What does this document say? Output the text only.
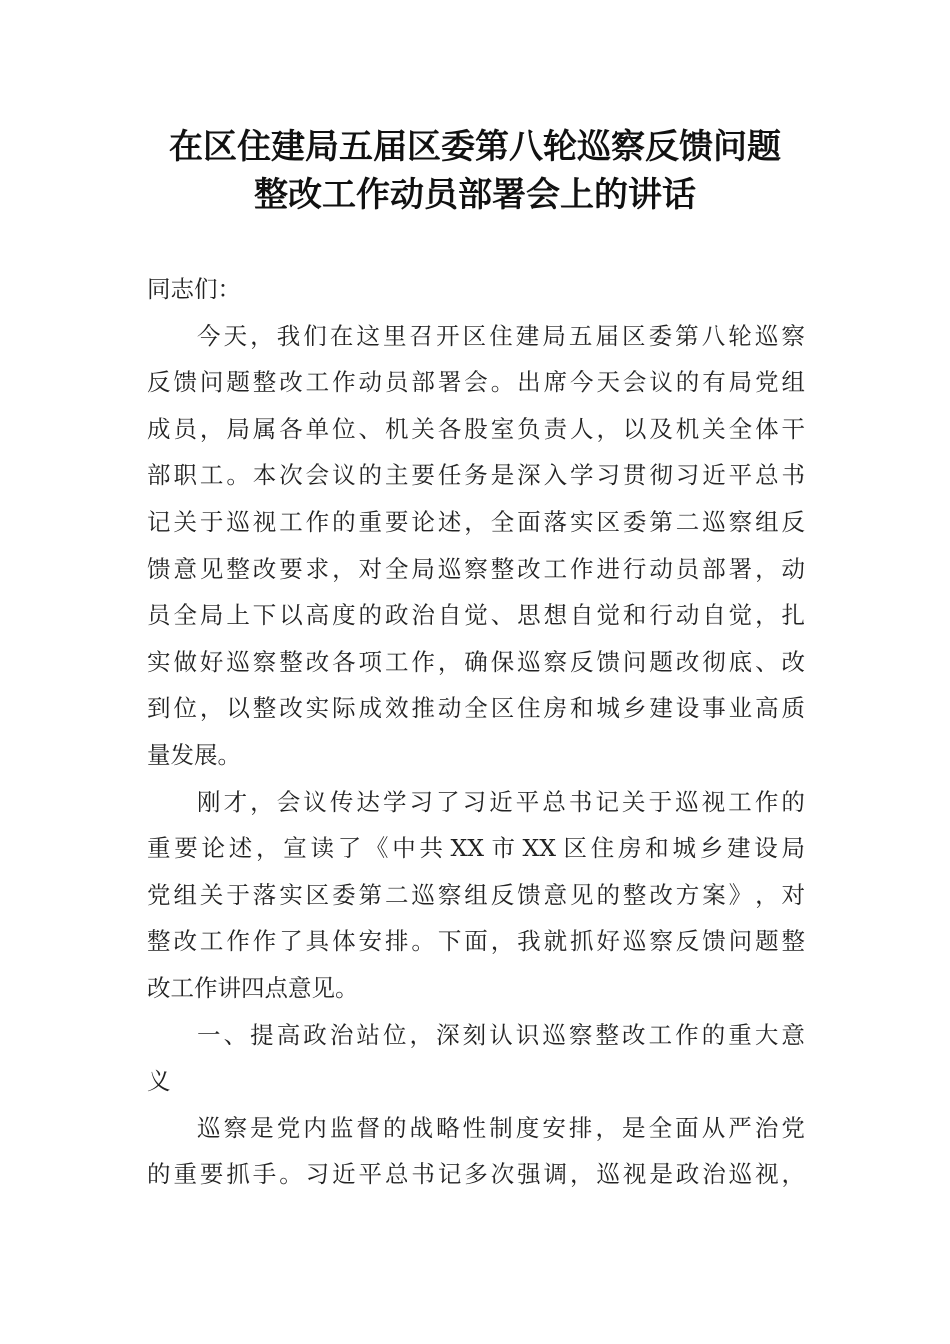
在区住建局五届区委第八轮巡察反馈问题
整改工作动员部署会上的讲话
同志们：
今 天 ， 我 们 在 这 里 召 开 区 住 建 局 五 届 区 委 第 八 轮 巡 察
反 馈 问 题 整 改 工 作 动 员 部 署 会 。 出 席 今 天 会 议 的 有 局 党 组
成 员 ， 局 属 各 单 位 、 机 关 各 股 室 负 责 人 ， 以 及 机 关 全 体 干
部 职 工 。 本 次 会 议 的 主 要 任 务 是 深 入 学 习 贯 彻 习 近 平 总 书
记 关 于 巡 视 工 作 的 重 要 论 述 ， 全 面 落 实 区 委 第 二 巡 察 组 反
馈 意 见 整 改 要 求 ， 对 全 局 巡 察 整 改 工 作 进 行 动 员 部 署 ， 动
员 全 局 上 下 以 高 度 的 政 治 自 觉 、 思 想 自 觉 和 行 动 自 觉 ， 扎
实 做 好 巡 察 整 改 各 项 工 作 ， 确 保 巡 察 反 馈 问 题 改 彻 底 、 改
到 位 ， 以 整 改 实 际 成 效 推 动 全 区 住 房 和 城 乡 建 设 事 业 高 质
量发展。
刚 才 ， 会 议 传 达 学 习 了 习 近 平 总 书 记 关 于 巡 视 工 作 的
重 要 论 述 ， 宣 读 了 《 中 共 XX 市 XX 区 住 房 和 城 乡 建 设 局
党 组 关 于 落 实 区 委 第 二 巡 察 组 反 馈 意 见 的 整 改 方 案 》 ， 对
整 改 工 作 作 了 具 体 安 排 。 下 面 ， 我 就 抓 好 巡 察 反 馈 问 题 整
改工作讲四点意见。
一 、 提 高 政 治 站 位 ， 深 刻 认 识 巡 察 整 改 工 作 的 重 大 意
义
巡 察 是 党 内 监 督 的 战 略 性 制 度 安 排 ， 是 全 面 从 严 治 党
的 重 要 抓 手 。 习 近 平 总 书 记 多 次 强 调 ， 巡 视 是 政 治 巡 视 ，
